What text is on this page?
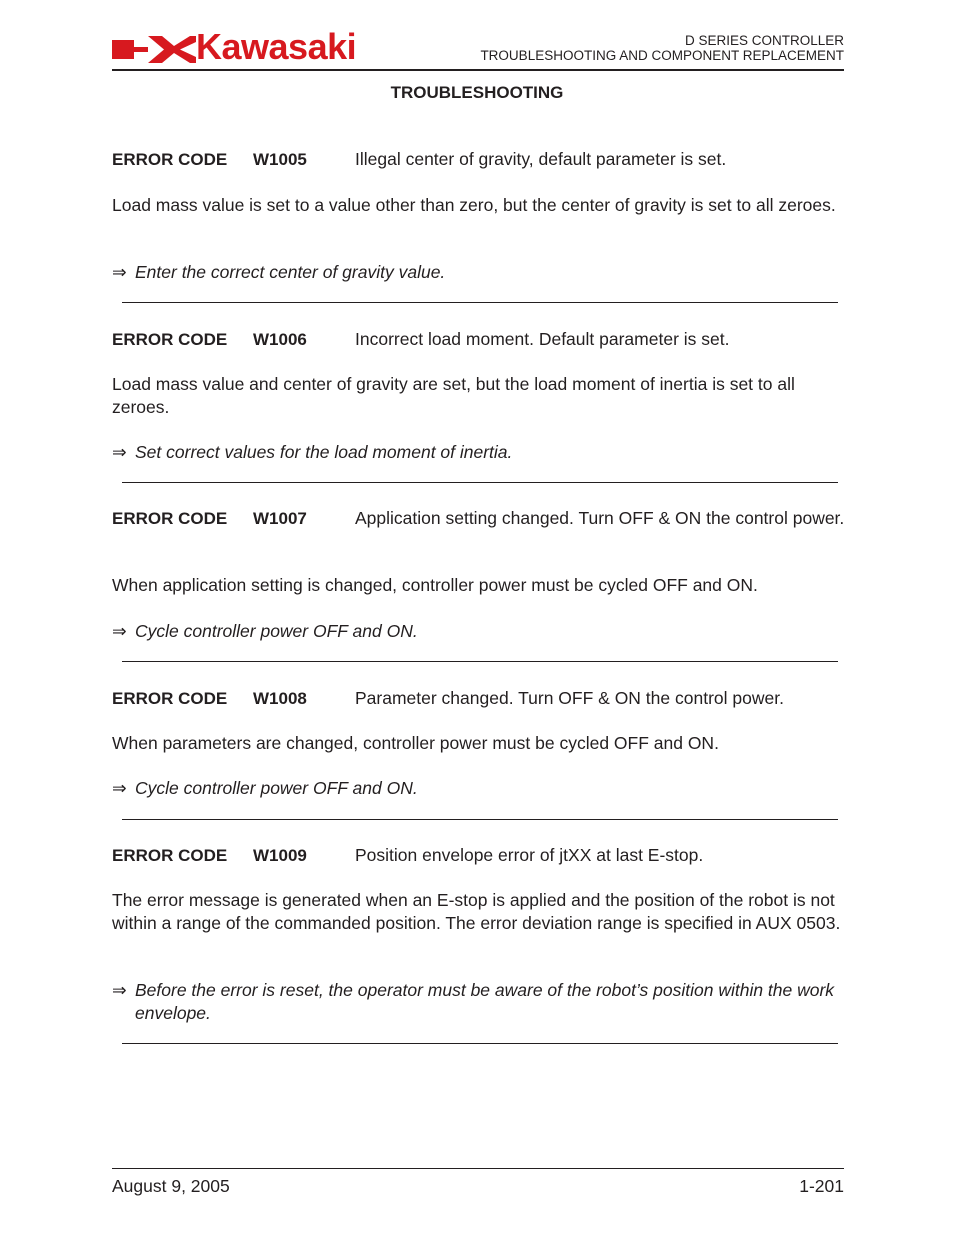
Kawasaki	D SERIES CONTROLLER
TROUBLESHOOTING AND COMPONENT REPLACEMENT
TROUBLESHOOTING
ERROR CODE W1005	Illegal center of gravity, default parameter is set.
Load mass value is set to a value other than zero, but the center of gravity is set to all zeroes.
⇒ Enter the correct center of gravity value.
ERROR CODE W1006	Incorrect load moment. Default parameter is set.
Load mass value and center of gravity are set, but the load moment of inertia is set to all zeroes.
⇒ Set correct values for the load moment of inertia.
ERROR CODE W1007	Application setting changed. Turn OFF & ON the control power.
When application setting is changed, controller power must be cycled OFF and ON.
⇒ Cycle controller power OFF and ON.
ERROR CODE W1008	Parameter changed. Turn OFF & ON the control power.
When parameters are changed, controller power must be cycled OFF and ON.
⇒ Cycle controller power OFF and ON.
ERROR CODE W1009	Position envelope error of jtXX at last E-stop.
The error message is generated when an E-stop is applied and the position of the robot is not within a range of the commanded position. The error deviation range is specified in AUX 0503.
⇒ Before the error is reset, the operator must be aware of the robot’s position within the work envelope.
August 9, 2005	1-201
